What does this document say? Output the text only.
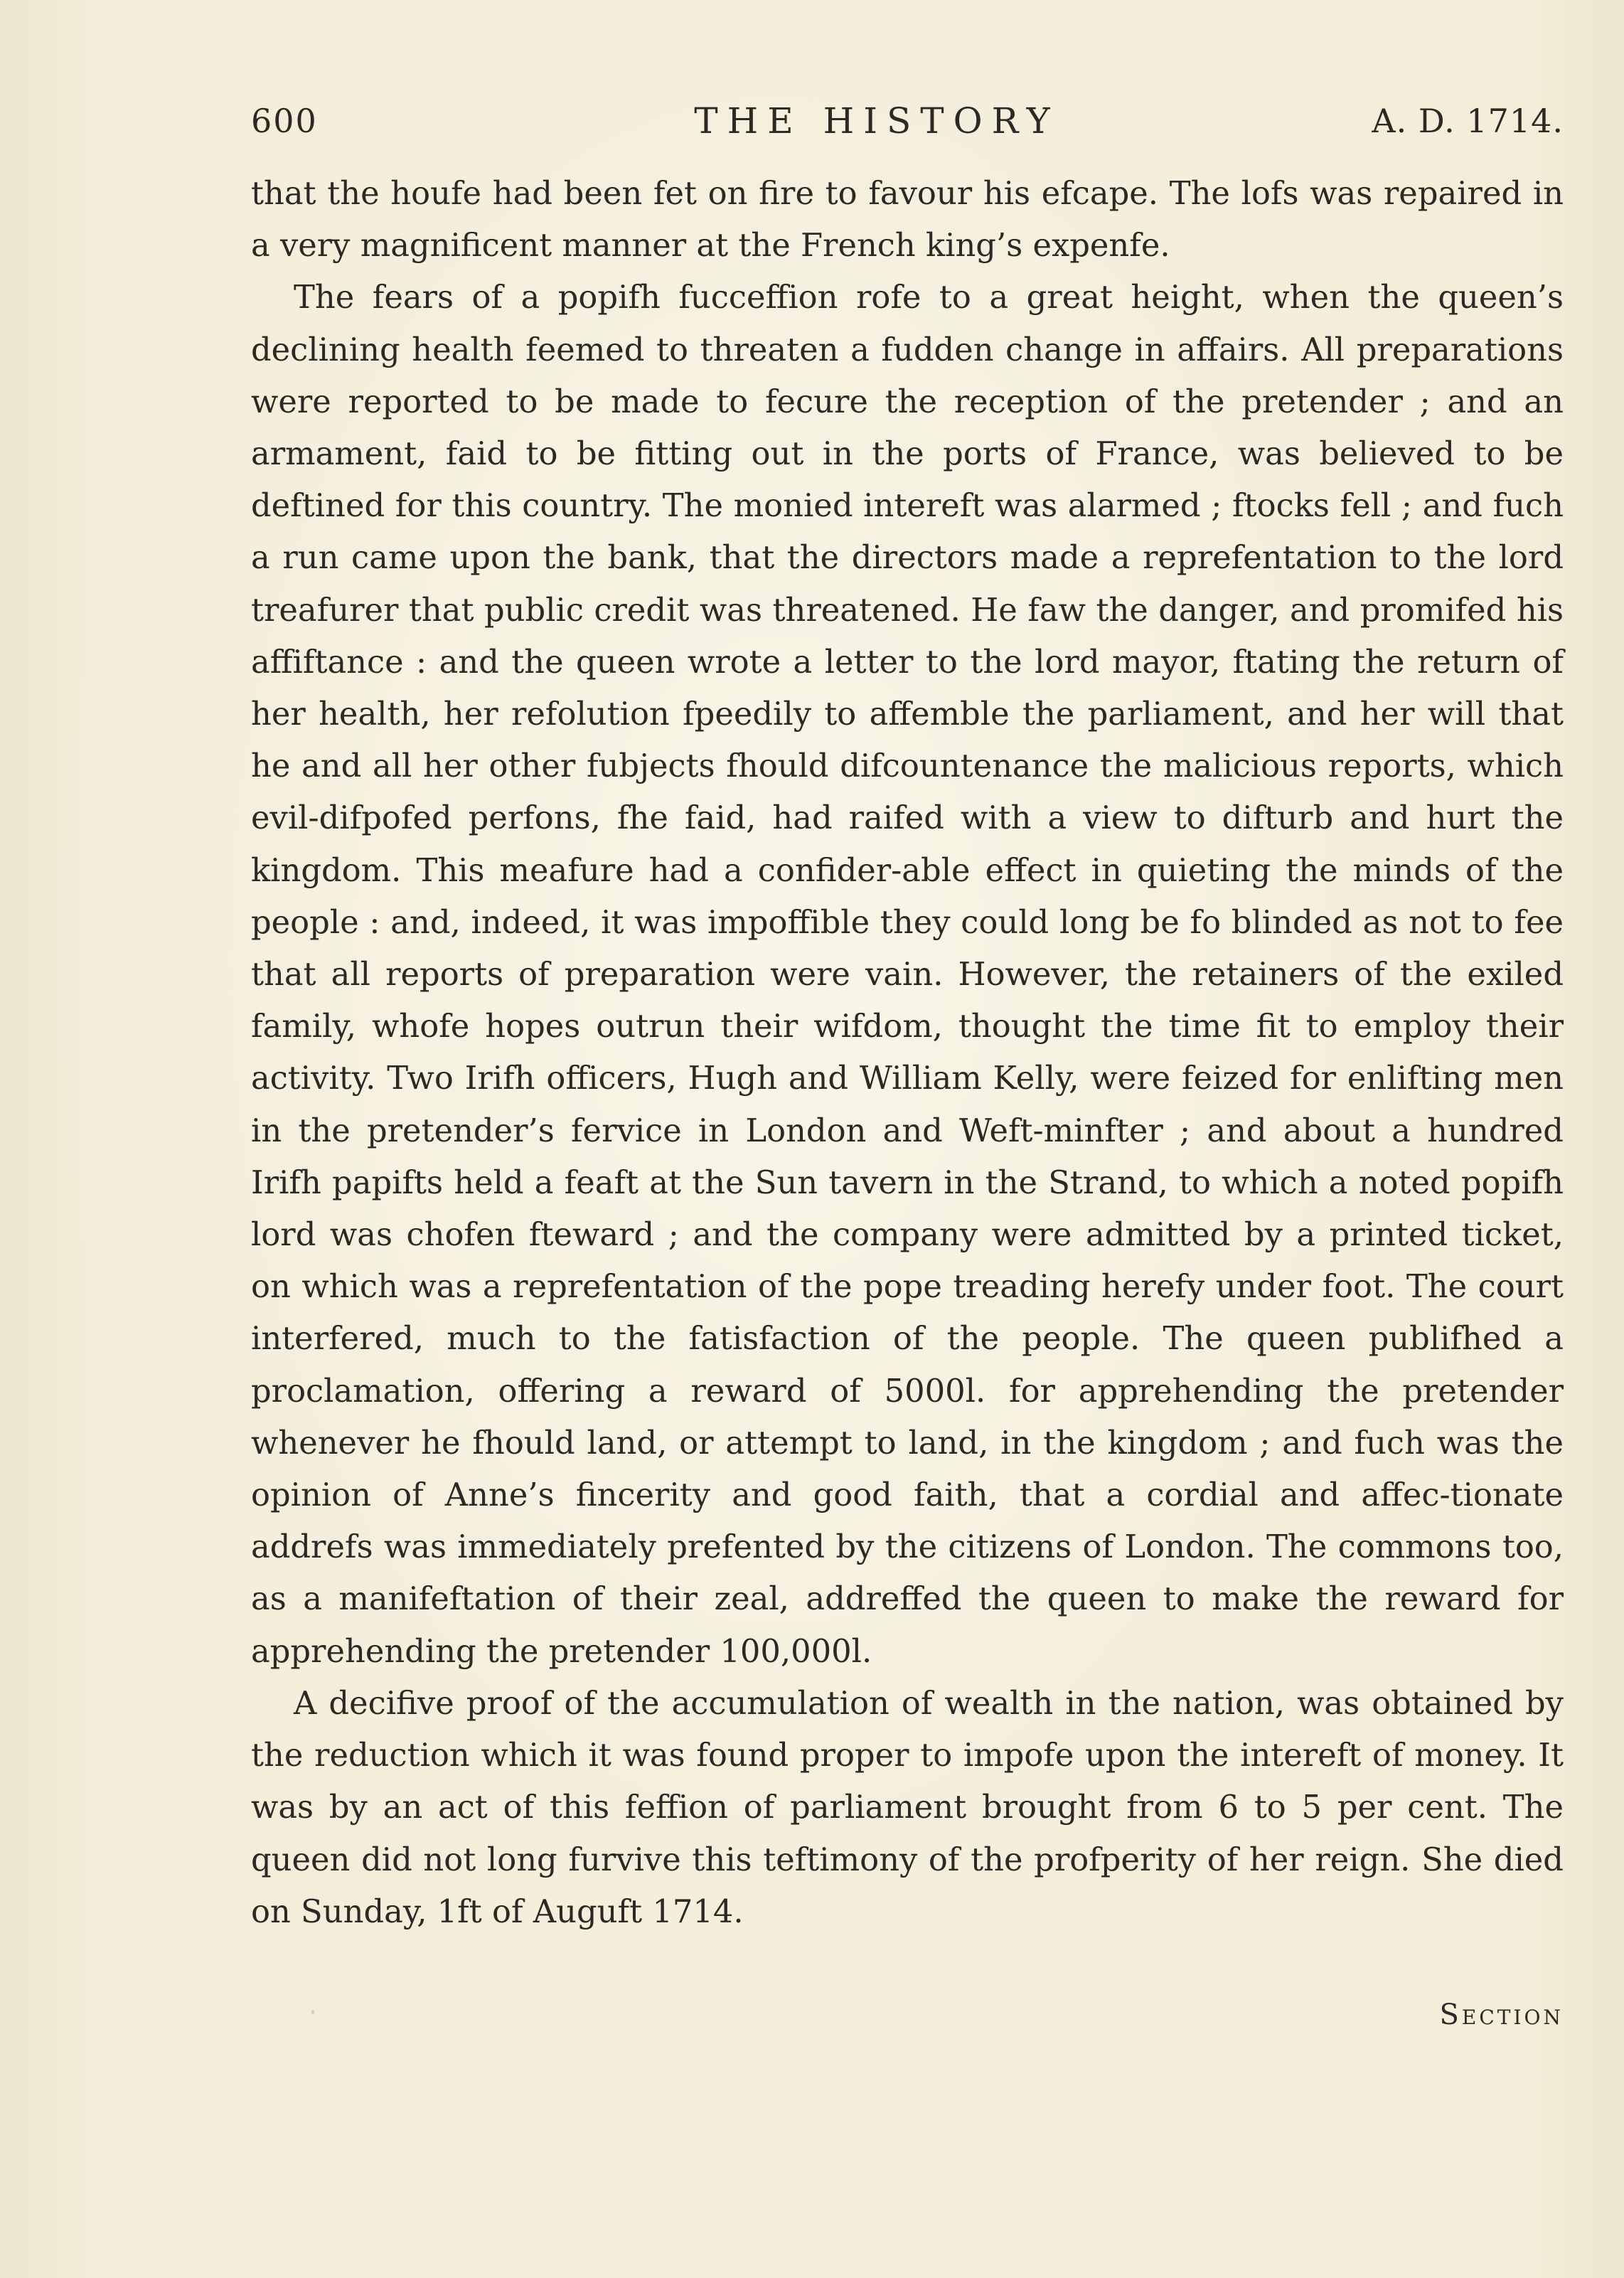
600	THE HISTORY	A. D. 1714.

that the houfe had been fet on fire to favour his efcape. The lofs was repaired in a very magnificent manner at the French king’s expenfe.

The fears of a popifh fucceffion rofe to a great height, when the queen’s declining health feemed to threaten a fudden change in affairs. All preparations were reported to be made to fecure the reception of the pretender ; and an armament, faid to be fitting out in the ports of France, was believed to be deftined for this country. The monied intereft was alarmed ; ftocks fell ; and fuch a run came upon the bank, that the directors made a reprefentation to the lord treafurer that public credit was threatened. He faw the danger, and promifed his affiftance : and the queen wrote a letter to the lord mayor, ftating the return of her health, her refolution fpeedily to affemble the parliament, and her will that he and all her other fubjects fhould difcountenance the malicious reports, which evil-difpofed perfons, fhe faid, had raifed with a view to difturb and hurt the kingdom. This meafure had a confider-able effect in quieting the minds of the people : and, indeed, it was impoffible they could long be fo blinded as not to fee that all reports of preparation were vain. However, the retainers of the exiled family, whofe hopes outrun their wifdom, thought the time fit to employ their activity. Two Irifh officers, Hugh and William Kelly, were feized for enlifting men in the pretender’s fervice in London and Weft-minfter ; and about a hundred Irifh papifts held a feaft at the Sun tavern in the Strand, to which a noted popifh lord was chofen fteward ; and the company were admitted by a printed ticket, on which was a reprefentation of the pope treading herefy under foot. The court interfered, much to the fatisfaction of the people. The queen publifhed a proclamation, offering a reward of 5000l. for apprehending the pretender whenever he fhould land, or attempt to land, in the kingdom ; and fuch was the opinion of Anne’s fincerity and good faith, that a cordial and affec-tionate addrefs was immediately prefented by the citizens of London. The commons too, as a manifeftation of their zeal, addreffed the queen to make the reward for apprehending the pretender 100,000l.

A decifive proof of the accumulation of wealth in the nation, was obtained by the reduction which it was found proper to impofe upon the intereft of money. It was by an act of this feffion of parliament brought from 6 to 5 per cent. The queen did not long furvive this teftimony of the profperity of her reign. She died on Sunday, 1ft of Auguft 1714.

Section
